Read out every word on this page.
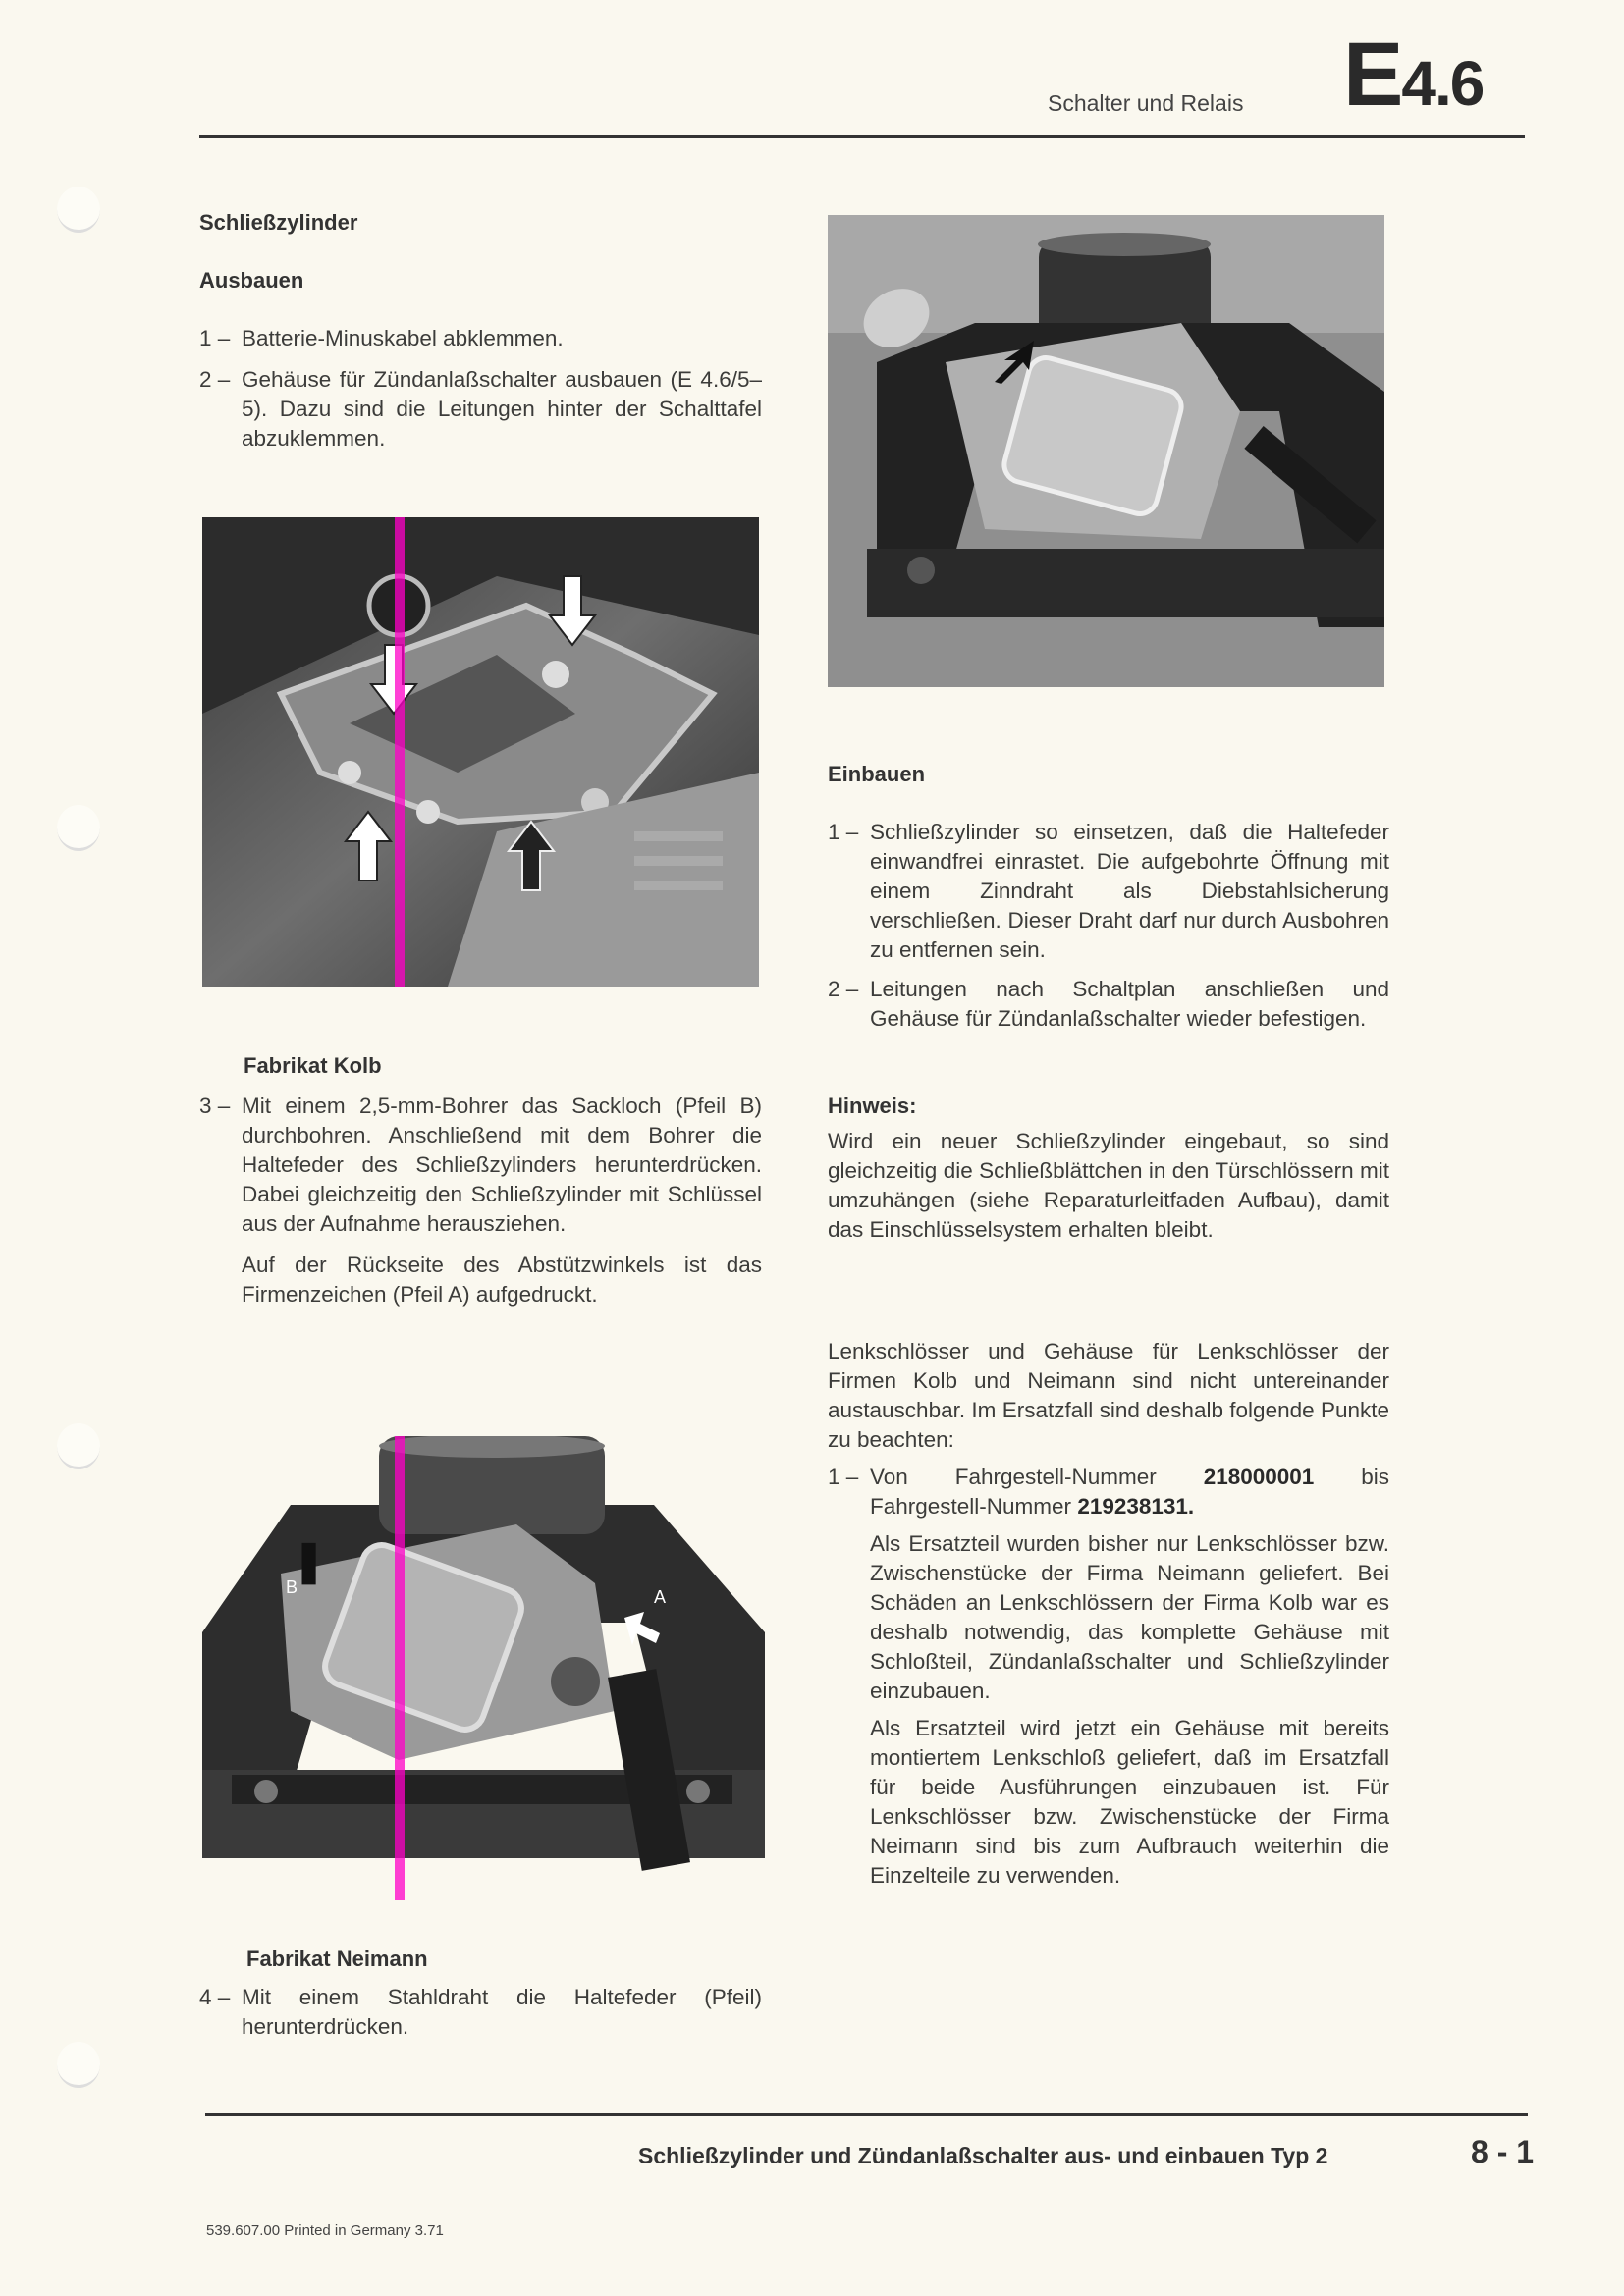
Schalter und Relais E4.6
Schließzylinder
Ausbauen
1 – Batterie-Minuskabel abklemmen.
2 – Gehäuse für Zündanlaßschalter ausbauen (E 4.6/5–5). Dazu sind die Leitungen hinter der Schalttafel abzuklemmen.
Fabrikat Kolb
3 – Mit einem 2,5-mm-Bohrer das Sackloch (Pfeil B) durchbohren. Anschließend mit dem Bohrer die Haltefeder des Schließzylinders herunterdrücken. Dabei gleichzeitig den Schließzylinder mit Schlüssel aus der Aufnahme herausziehen.
Auf der Rückseite des Abstützwinkels ist das Firmenzeichen (Pfeil A) aufgedruckt.
B	A
Fabrikat Neimann
4 – Mit einem Stahldraht die Haltefeder (Pfeil) herunterdrücken.
Einbauen
1 – Schließzylinder so einsetzen, daß die Haltefeder einwandfrei einrastet. Die aufgebohrte Öffnung mit einem Zinndraht als Diebstahlsicherung verschließen. Dieser Draht darf nur durch Ausbohren zu entfernen sein.
2 – Leitungen nach Schaltplan anschließen und Gehäuse für Zündanlaßschalter wieder befestigen.
Hinweis:
Wird ein neuer Schließzylinder eingebaut, so sind gleichzeitig die Schließblättchen in den Türschlössern mit umzuhängen (siehe Reparaturleitfaden Aufbau), damit das Einschlüsselsystem erhalten bleibt.
Lenkschlösser und Gehäuse für Lenkschlösser der Firmen Kolb und Neimann sind nicht untereinander austauschbar. Im Ersatzfall sind deshalb folgende Punkte zu beachten:
1 – Von Fahrgestell-Nummer 218000001 bis Fahrgestell-Nummer 219238131.
Als Ersatzteil wurden bisher nur Lenkschlösser bzw. Zwischenstücke der Firma Neimann geliefert. Bei Schäden an Lenkschlössern der Firma Kolb war es deshalb notwendig, das komplette Gehäuse mit Schloßteil, Zündanlaßschalter und Schließzylinder einzubauen.
Als Ersatzteil wird jetzt ein Gehäuse mit bereits montiertem Lenkschloß geliefert, daß im Ersatzfall für beide Ausführungen einzubauen ist. Für Lenkschlösser bzw. Zwischenstücke der Firma Neimann sind bis zum Aufbrauch weiterhin die Einzelteile zu verwenden.
Schließzylinder und Zündanlaßschalter aus- und einbauen Typ 2	8 - 1
539.607.00 Printed in Germany 3.71
